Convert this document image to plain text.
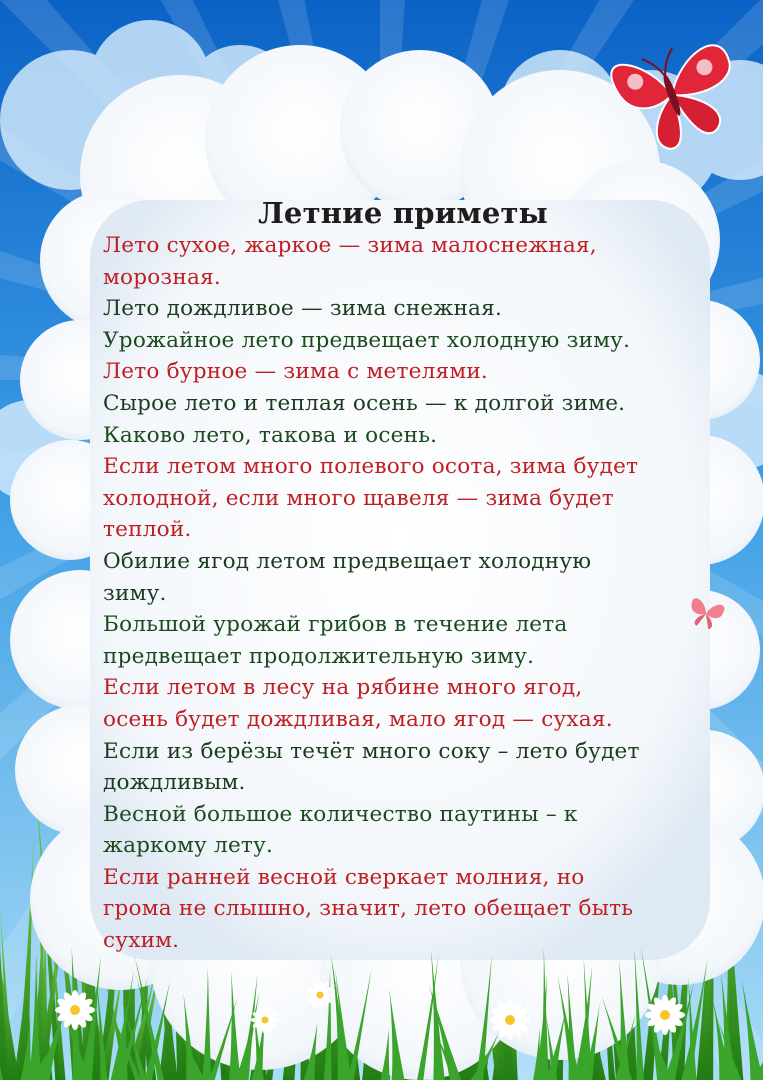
Летние приметы

Лето сухое, жаркое — зима малоснежная,

морозная.

Лето дождливое — зима снежная.

Урожайное лето предвещает холодную зиму.

Лето бурное — зима с метелями.

Сырое лето и теплая осень — к долгой зиме.

Каково лето, такова и осень.

Если летом много полевого осота, зима будет

холодной, если много щавеля — зима будет

теплой.

Обилие ягод летом предвещает холодную

зиму.

Большой урожай грибов в течение лета

предвещает продолжительную зиму.

Если летом в лесу на рябине много ягод,

осень будет дождливая, мало ягод — сухая.

Если из берёзы течёт много соку – лето будет

дождливым.

Весной большое количество паутины – к

жаркому лету.

Если ранней весной сверкает молния, но

грома не слышно, значит, лето обещает быть

сухим.
